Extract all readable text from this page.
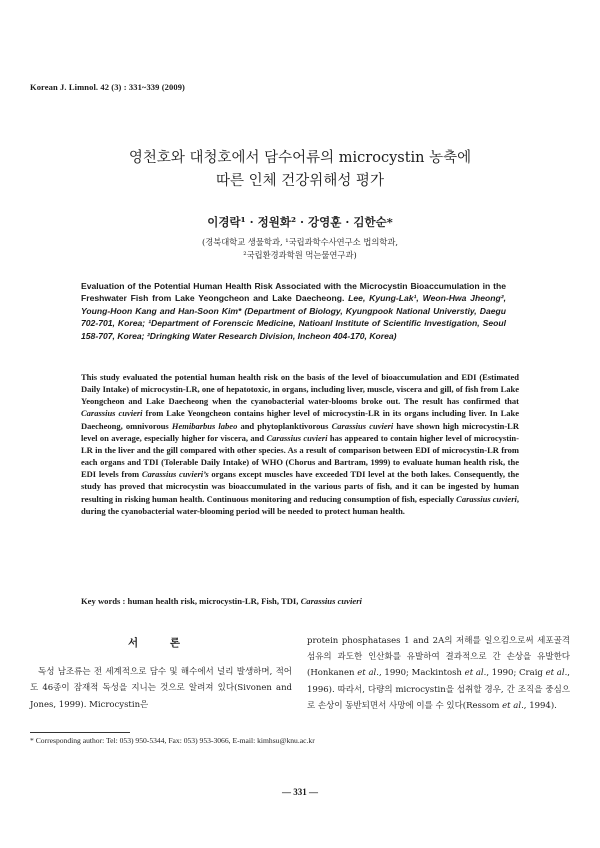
Korean J. Limnol. 42 (3) : 331~339 (2009)
영천호와 대청호에서 담수어류의 microcystin 농축에
따른 인체 건강위해성 평가
이경락¹ · 정원화² · 강영훈 · 김한순*
(경북대학교 생물학과, ¹국립과학수사연구소 법의학과,
²국립환경과학원 먹는물연구과)
Evaluation of the Potential Human Health Risk Associated with the Microcystin Bioaccumulation in the Freshwater Fish from Lake Yeongcheon and Lake Daecheong. Lee, Kyung-Lak¹, Weon-Hwa Jheong², Young-Hoon Kang and Han-Soon Kim* (Department of Biology, Kyungpook National Universtiy, Daegu 702-701, Korea; ¹Department of Forenscic Medicine, Natioanl Institute of Scientific Investigation, Seoul 158-707, Korea; ²Dringking Water Research Division, Incheon 404-170, Korea)
This study evaluated the potential human health risk on the basis of the level of bioaccumulation and EDI (Estimated Daily Intake) of microcystin-LR, one of hepatotoxic, in organs, including liver, muscle, viscera and gill, of fish from Lake Yeongcheon and Lake Daecheong when the cyanobacterial water-blooms broke out. The result has confirmed that Carassius cuvieri from Lake Yeongcheon contains higher level of microcystin-LR in its organs including liver. In Lake Daecheong, omnivorous Hemibarbus labeo and phytoplanktivorous Carassius cuvieri have shown high microcystin-LR level on average, especially higher for viscera, and Carassius cuvieri has appeared to contain higher level of microcystin-LR in the liver and the gill compared with other species. As a result of comparison between EDI of microcystin-LR from each organs and TDI (Tolerable Daily Intake) of WHO (Chorus and Bartram, 1999) to evaluate human health risk, the EDI levels from Carassius cuvieri’s organs except muscles have exceeded TDI level at the both lakes. Consequently, the study has proved that microcystin was bioaccumulated in the various parts of fish, and it can be ingested by human resulting in risking human health. Continuous monitoring and reducing consumption of fish, especially Carassius cuvieri, during the cyanobacterial water-blooming period will be needed to protect human health.
Key words : human health risk, microcystin-LR, Fish, TDI, Carassius cuvieri
서 론
독성 남조류는 전 세계적으로 담수 및 해수에서 널리 발생하며, 적어도 46종이 잠재적 독성을 지니는 것으로 알려져 있다(Sivonen and Jones, 1999). Microcystin은
protein phosphatases 1 and 2A의 저해를 일으킴으로써 세포골격 섬유의 과도한 인산화를 유발하여 결과적으로 간 손상을 유발한다(Honkanen et al., 1990; Mackintosh et al., 1990; Craig et al., 1996). 따라서, 다량의 microcystin을 섭취할 경우, 간 조직을 중심으로 손상이 동반되면서 사망에 이를 수 있다(Ressom et al., 1994).
* Corresponding author: Tel: 053) 950-5344, Fax: 053) 953-3066, E-mail: kimhsu@knu.ac.kr
— 331 —
